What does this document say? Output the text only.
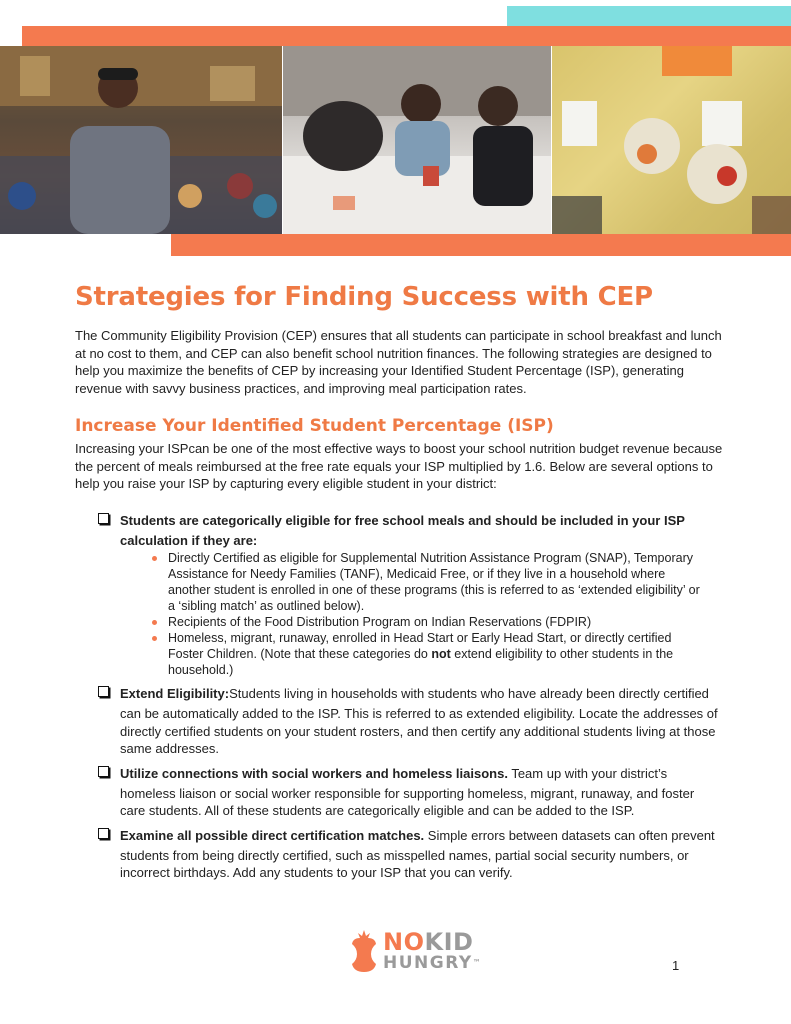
Strategies for Finding Success with CEP

The Community Eligibility Provision (CEP) ensures that all students can participate in school breakfast and lunch at no cost to them, and CEP can also benefit school nutrition finances. The following strategies are designed to help you maximize the benefits of CEP by increasing your Identified Student Percentage (ISP), generating revenue with savvy business practices, and improving meal participation rates.

Increase Your Identified Student Percentage (ISP)

Increasing your ISPcan be one of the most effective ways to boost your school nutrition budget revenue because the percent of meals reimbursed at the free rate equals your ISP multiplied by 1.6. Below are several options to help you raise your ISP by capturing every eligible student in your district:

Students are categorically eligible for free school meals and should be included in your ISP
calculation if they are:
Directly Certified as eligible for Supplemental Nutrition Assistance Program (SNAP), Temporary Assistance for Needy Families (TANF), Medicaid Free, or if they live in a household where another student is enrolled in one of these programs (this is referred to as ‘extended eligibility’ or a ‘sibling match’ as outlined below).
Recipients of the Food Distribution Program on Indian Reservations (FDPIR)
Homeless, migrant, runaway, enrolled in Head Start or Early Head Start, or directly certified Foster Children. (Note that these categories do not extend eligibility to other students in the household.)
Extend Eligibility:Students living in households with students who have already been directly certified

can be automatically added to the ISP. This is referred to as extended eligibility. Locate the addresses of directly certified students on your student rosters, and then certify any additional students living at those same addresses.

Utilize connections with social workers and homeless liaisons. Team up with your district’s

homeless liaison or social worker responsible for supporting homeless, migrant, runaway, and foster care students. All of these students are categorically eligible and can be added to the ISP.

Examine all possible direct certification matches. Simple errors between datasets can often prevent

students from being directly certified, such as misspelled names, partial social security numbers, or incorrect birthdays. Add any students to your ISP that you can verify.

NOKID
HUNGRY™	1
